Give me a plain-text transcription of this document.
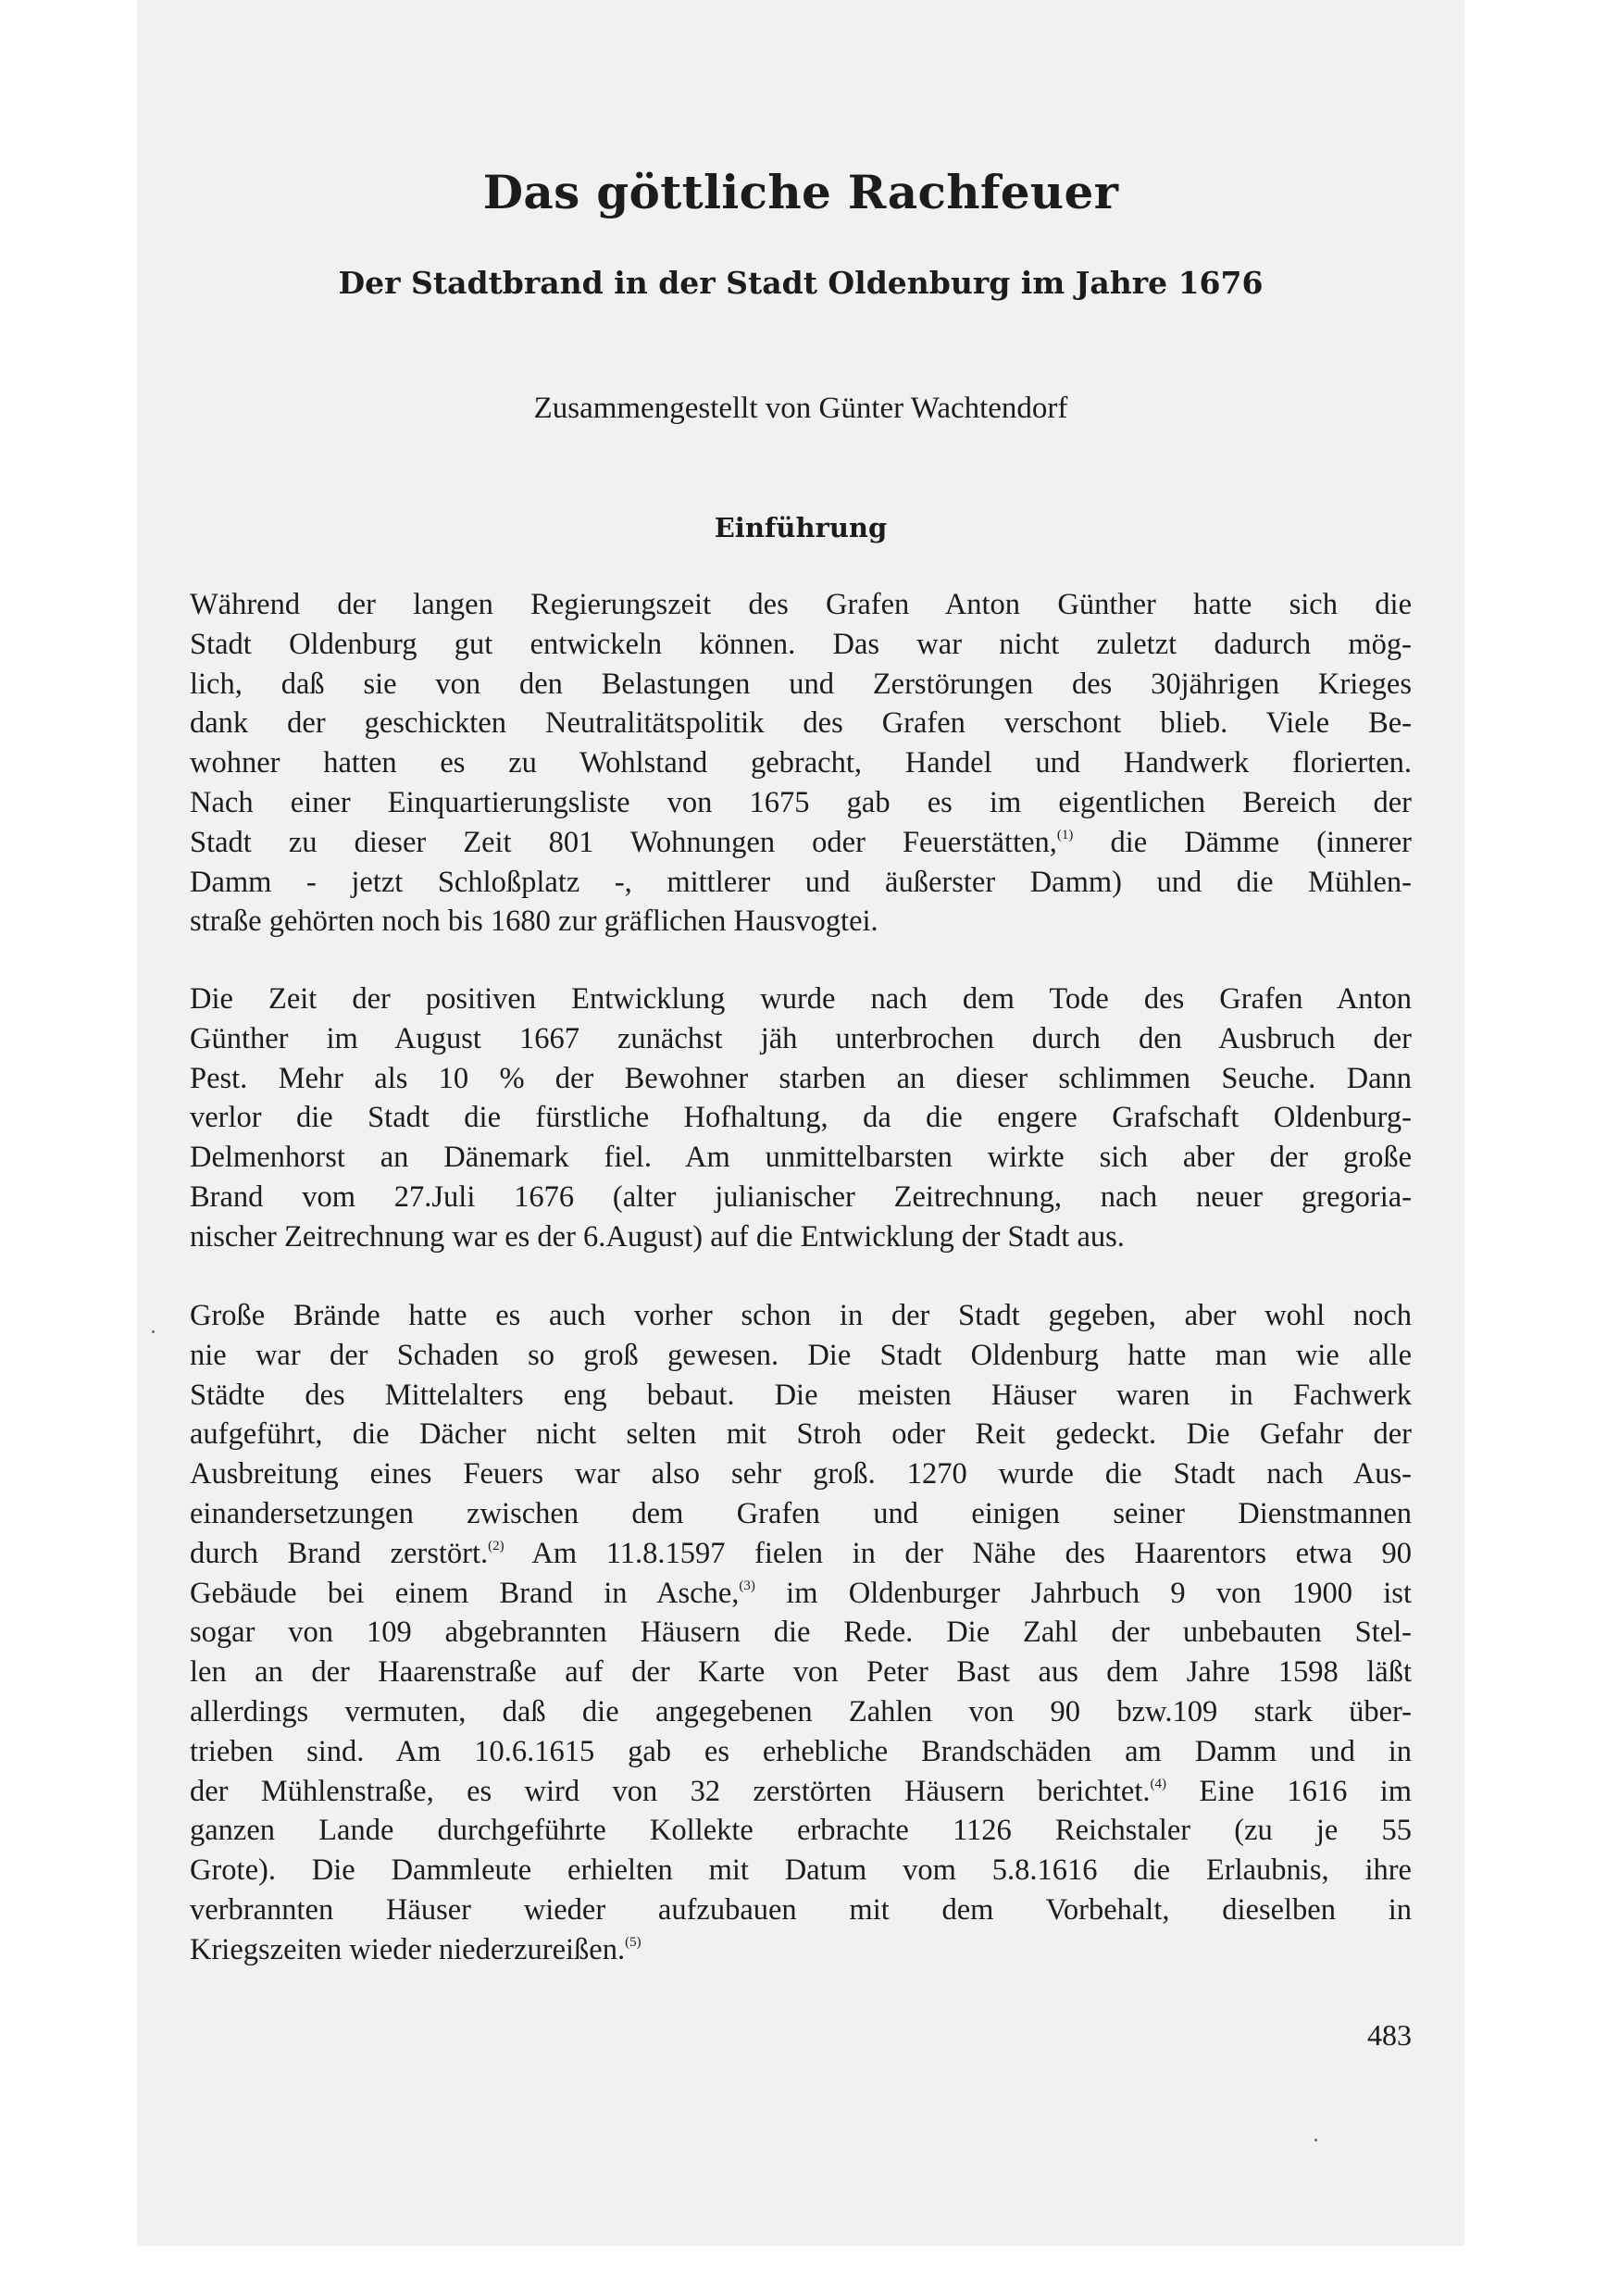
Das göttliche Rachfeuer
Der Stadtbrand in der Stadt Oldenburg im Jahre 1676

Zusammengestellt von Günter Wachtendorf

Einführung
Während der langen Regierungszeit des Grafen Anton Günther hatte sich die
Stadt Oldenburg gut entwickeln können. Das war nicht zuletzt dadurch mög-
lich, daß sie von den Belastungen und Zerstörungen des 30jährigen Krieges
dank der geschickten Neutralitätspolitik des Grafen verschont blieb. Viele Be-
wohner hatten es zu Wohlstand gebracht, Handel und Handwerk florierten.
Nach einer Einquartierungsliste von 1675 gab es im eigentlichen Bereich der
Stadt zu dieser Zeit 801 Wohnungen oder Feuerstätten,$^{(1)}$ die Dämme (innerer
Damm - jetzt Schloßplatz -, mittlerer und äußerster Damm) und die Mühlen-
straße gehörten noch bis 1680 zur gräflichen Hausvogtei.
Die Zeit der positiven Entwicklung wurde nach dem Tode des Grafen Anton
Günther im August 1667 zunächst jäh unterbrochen durch den Ausbruch der
Pest. Mehr als 10 % der Bewohner starben an dieser schlimmen Seuche. Dann
verlor die Stadt die fürstliche Hofhaltung, da die engere Grafschaft Oldenburg-
Delmenhorst an Dänemark fiel. Am unmittelbarsten wirkte sich aber der große
Brand vom 27.Juli 1676 (alter julianischer Zeitrechnung, nach neuer gregoria-
nischer Zeitrechnung war es der 6.August) auf die Entwicklung der Stadt aus.
Große Brände hatte es auch vorher schon in der Stadt gegeben, aber wohl noch
nie war der Schaden so groß gewesen. Die Stadt Oldenburg hatte man wie alle
Städte des Mittelalters eng bebaut. Die meisten Häuser waren in Fachwerk
aufgeführt, die Dächer nicht selten mit Stroh oder Reit gedeckt. Die Gefahr der
Ausbreitung eines Feuers war also sehr groß. 1270 wurde die Stadt nach Aus-
einandersetzungen zwischen dem Grafen und einigen seiner Dienstmannen
durch Brand zerstört.$^{(2)}$ Am 11.8.1597 fielen in der Nähe des Haarentors etwa 90
Gebäude bei einem Brand in Asche,$^{(3)}$ im Oldenburger Jahrbuch 9 von 1900 ist
sogar von 109 abgebrannten Häusern die Rede. Die Zahl der unbebauten Stel-
len an der Haarenstraße auf der Karte von Peter Bast aus dem Jahre 1598 läßt
allerdings vermuten, daß die angegebenen Zahlen von 90 bzw.109 stark über-
trieben sind. Am 10.6.1615 gab es erhebliche Brandschäden am Damm und in
der Mühlenstraße, es wird von 32 zerstörten Häusern berichtet.$^{(4)}$ Eine 1616 im
ganzen Lande durchgeführte Kollekte erbrachte 1126 Reichstaler (zu je 55
Grote). Die Dammleute erhielten mit Datum vom 5.8.1616 die Erlaubnis, ihre
verbrannten Häuser wieder aufzubauen mit dem Vorbehalt, dieselben in
Kriegszeiten wieder niederzureißen.$^{(5)}$

483
